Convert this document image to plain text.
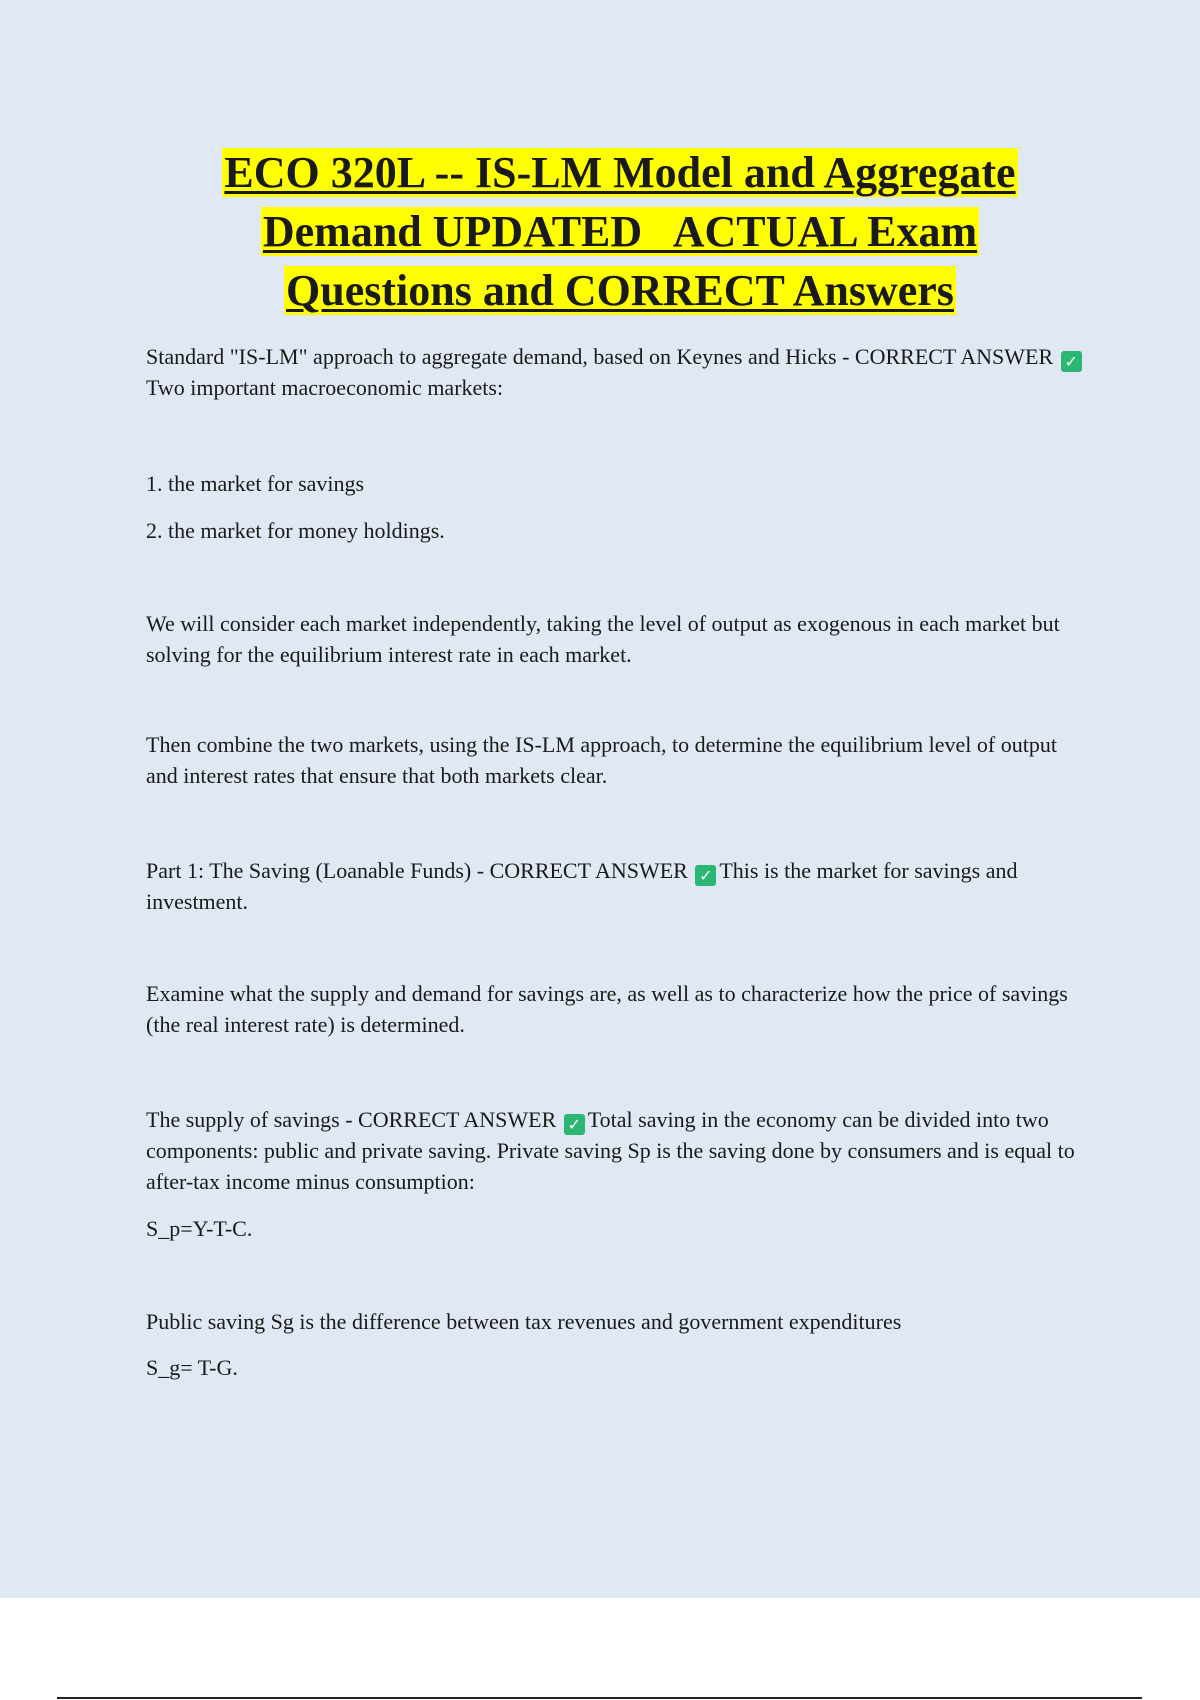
ECO 320L -- IS-LM Model and Aggregate
Demand UPDATED   ACTUAL Exam
Questions and CORRECT Answers

Standard "IS-LM" approach to aggregate demand, based on Keynes and Hicks - CORRECT ANSWER ✓Two important macroeconomic markets:

1. the market for savings

2. the market for money holdings.

We will consider each market independently, taking the level of output as exogenous in each market but solving for the equilibrium interest rate in each market.

Then combine the two markets, using the IS-LM approach, to determine the equilibrium level of output and interest rates that ensure that both markets clear.

Part 1: The Saving (Loanable Funds) - CORRECT ANSWER ✓ This is the market for savings and investment.

Examine what the supply and demand for savings are, as well as to characterize how the price of savings (the real interest rate) is determined.

The supply of savings - CORRECT ANSWER ✓ Total saving in the economy can be divided into two components: public and private saving. Private saving Sp is the saving done by consumers and is equal to after-tax income minus consumption:

S_p=Y-T-C.

Public saving Sg is the difference between tax revenues and government expenditures

S_g= T-G.
